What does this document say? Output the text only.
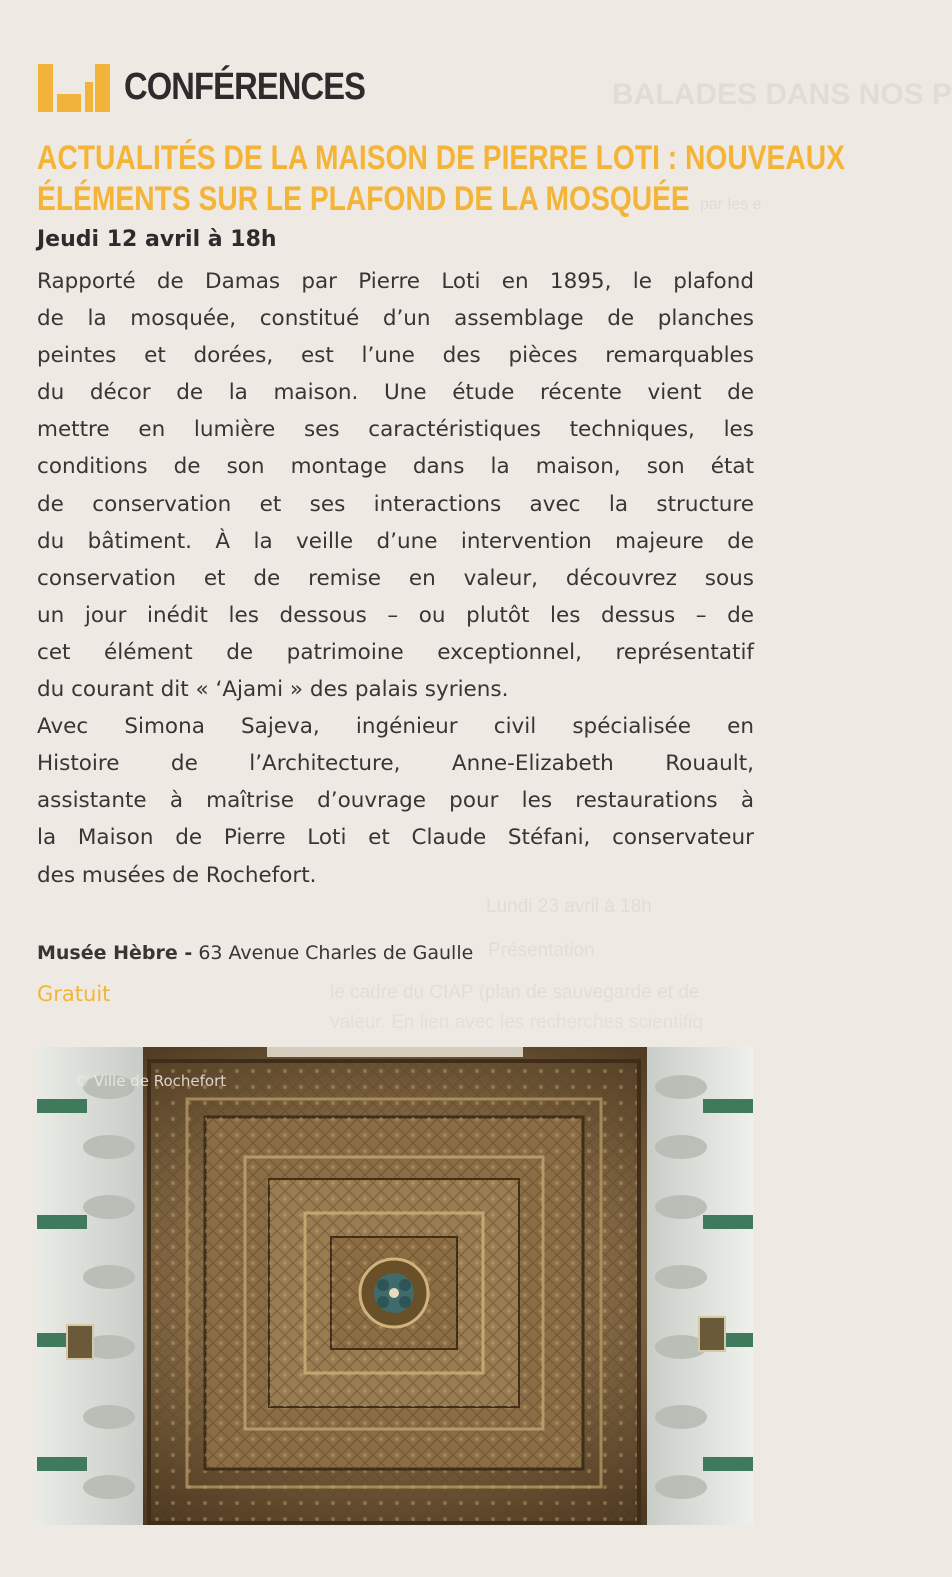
BALADES DANS NOS P
par les e
Lundi 23 avril à 18h
Présentation
le cadre du CIAP (plan de sauvegarde et de
valeur. En lien avec les recherches scientifiq
CONFÉRENCES
ACTUALITÉS DE LA MAISON DE PIERRE LOTI : NOUVEAUX
ÉLÉMENTS SUR LE PLAFOND DE LA MOSQUÉE
Jeudi 12 avril à 18h
Rapporté de Damas par Pierre Loti en 1895, le plafond
de la mosquée, constitué d’un assemblage de planches
peintes et dorées, est l’une des pièces remarquables
du décor de la maison. Une étude récente vient de
mettre en lumière ses caractéristiques techniques, les
conditions de son montage dans la maison, son état
de conservation et ses interactions avec la structure
du bâtiment. À la veille d’une intervention majeure de
conservation et de remise en valeur, découvrez sous
un jour inédit les dessous – ou plutôt les dessus – de
cet élément de patrimoine exceptionnel, représentatif
du courant dit « ‘Ajami » des palais syriens.
Avec Simona Sajeva, ingénieur civil spécialisée en
Histoire de l’Architecture, Anne-Elizabeth Rouault,
assistante à maîtrise d’ouvrage pour les restaurations à
la Maison de Pierre Loti et Claude Stéfani, conservateur
des musées de Rochefort.
Musée Hèbre - 63 Avenue Charles de Gaulle
Gratuit
© Ville de Rochefort
